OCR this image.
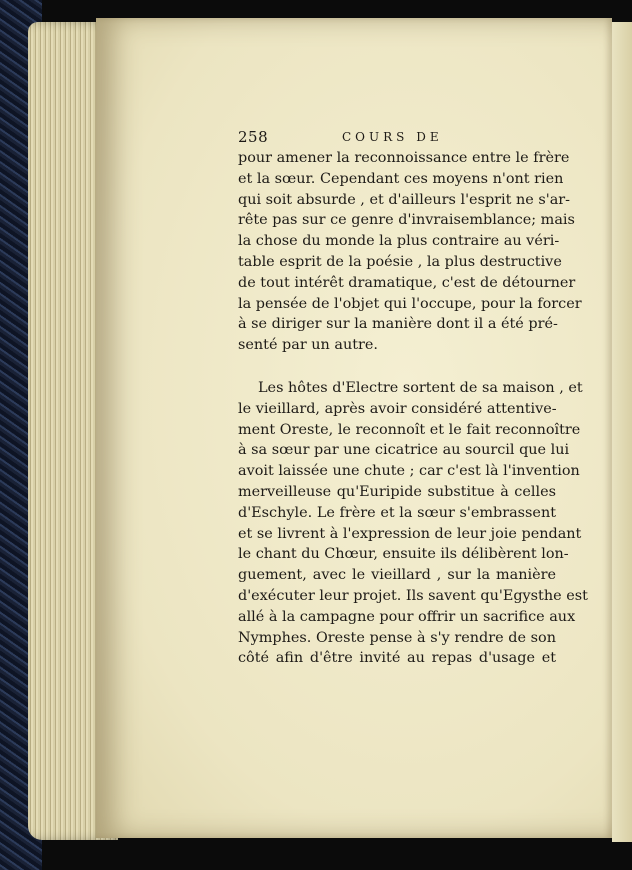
258	COURS DE
pour amener la reconnoissance entre le frère
et la sœur. Cependant ces moyens n'ont rien
qui soit absurde , et d'ailleurs l'esprit ne s'ar-
rête pas sur ce genre d'invraisemblance; mais
la chose du monde la plus contraire au véri-
table esprit de la poésie , la plus destructive
de tout intérêt dramatique, c'est de détourner
la pensée de l'objet qui l'occupe, pour la forcer
à se diriger sur la manière dont il a été pré-
senté par un autre.
Les hôtes d'Electre sortent de sa maison , et
le vieillard, après avoir considéré attentive-
ment Oreste, le reconnoît et le fait reconnoître
à sa sœur par une cicatrice au sourcil que lui
avoit laissée une chute ; car c'est là l'invention
merveilleuse qu'Euripide substitue à celles
d'Eschyle. Le frère et la sœur s'embrassent
et se livrent à l'expression de leur joie pendant
le chant du Chœur, ensuite ils délibèrent lon-
guement, avec le vieillard , sur la manière
d'exécuter leur projet. Ils savent qu'Egysthe est
allé à la campagne pour offrir un sacrifice aux
Nymphes. Oreste pense à s'y rendre de son
côté afin d'être invité au repas d'usage et
